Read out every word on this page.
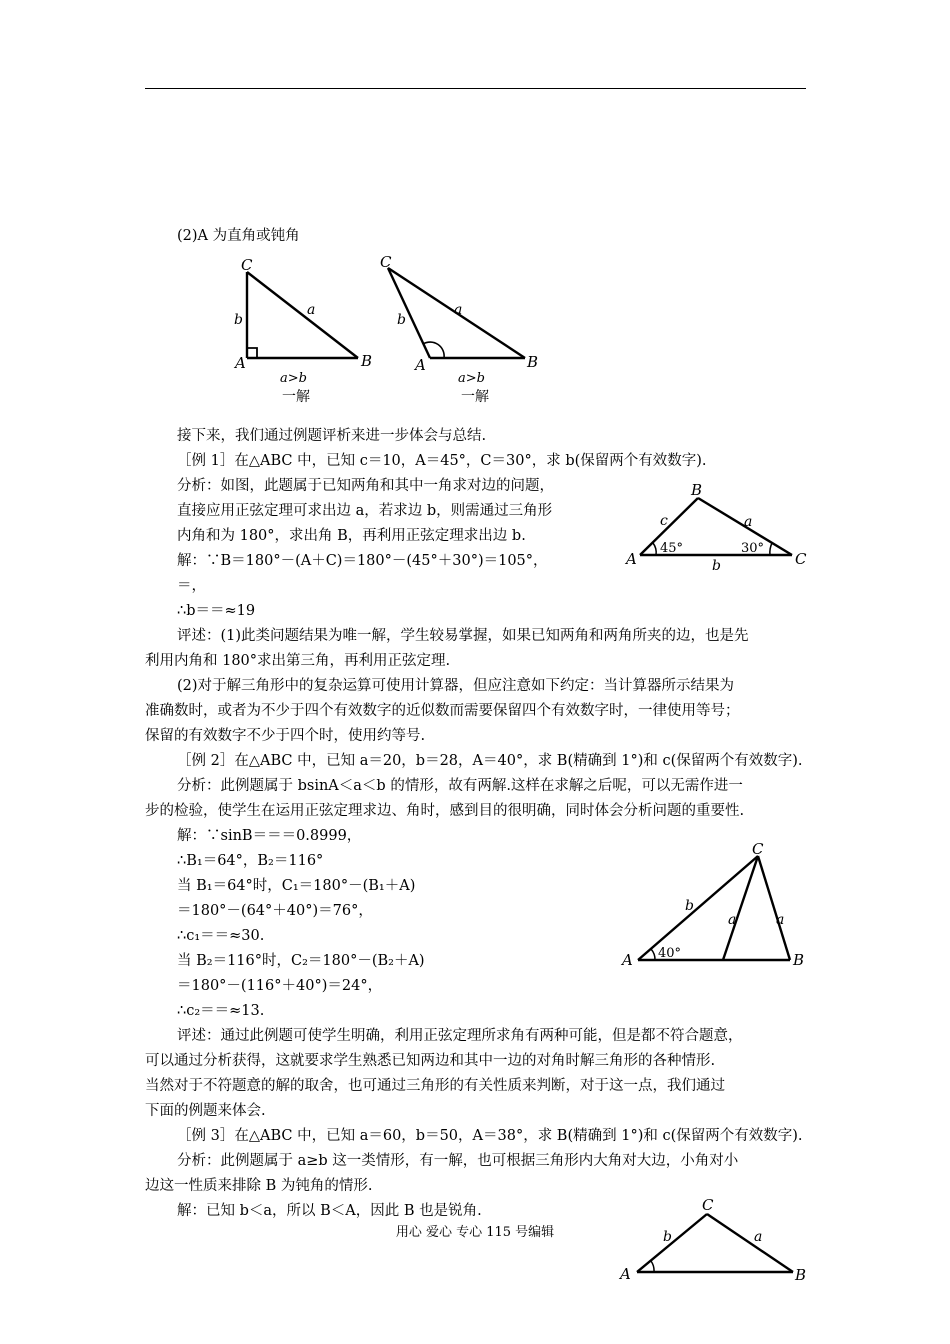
(2)A 为直角或钝角
C
A	B
b
a
a>b
一解
C
A	B
b
a
a>b
一解
接下来，我们通过例题评析来进一步体会与总结.
［例 1］在△ABC 中，已知 c＝10，A＝45°，C＝30°，求 b(保留两个有效数字).
分析：如图，此题属于已知两角和其中一角求对边的问题，
直接应用正弦定理可求出边 a，若求边 b，则需通过三角形
内角和为 180°，求出角 B，再利用正弦定理求出边 b.
解：∵B＝180°－(A＋C)＝180°－(45°＋30°)＝105°，
＝，
∴b＝＝≈19
B
A	C
c	a
b
45°	30°
评述：(1)此类问题结果为唯一解，学生较易掌握，如果已知两角和两角所夹的边，也是先
利用内角和 180°求出第三角，再利用正弦定理.
(2)对于解三角形中的复杂运算可使用计算器，但应注意如下约定：当计算器所示结果为
准确数时，或者为不少于四个有效数字的近似数而需要保留四个有效数字时，一律使用等号；
保留的有效数字不少于四个时，使用约等号.
［例 2］在△ABC 中，已知 a＝20，b＝28，A＝40°，求 B(精确到 1°)和 c(保留两个有效数字).
分析：此例题属于 bsinA＜a＜b 的情形，故有两解.这样在求解之后呢，可以无需作进一
步的检验，使学生在运用正弦定理求边、角时，感到目的很明确，同时体会分析问题的重要性.
解：∵sinB＝＝＝0.8999，
∴B₁＝64°，B₂＝116°
当 B₁＝64°时，C₁＝180°－(B₁＋A)
＝180°－(64°＋40°)＝76°，
∴c₁＝＝≈30.
当 B₂＝116°时，C₂＝180°－(B₂＋A)
＝180°－(116°＋40°)＝24°，
∴c₂＝＝≈13.
C
A	B
b
a	a
40°
评述：通过此例题可使学生明确，利用正弦定理所求角有两种可能，但是都不符合题意，
可以通过分析获得，这就要求学生熟悉已知两边和其中一边的对角时解三角形的各种情形.
当然对于不符题意的解的取舍，也可通过三角形的有关性质来判断，对于这一点，我们通过
下面的例题来体会.
［例 3］在△ABC 中，已知 a＝60，b＝50，A＝38°，求 B(精确到 1°)和 c(保留两个有效数字).
分析：此例题属于 a≥b 这一类情形，有一解，也可根据三角形内大角对大边，小角对小
边这一性质来排除 B 为钝角的情形.
解：已知 b＜a，所以 B＜A，因此 B 也是锐角.	C
A	B
b	a
用心 爱心 专心 115 号编辑
